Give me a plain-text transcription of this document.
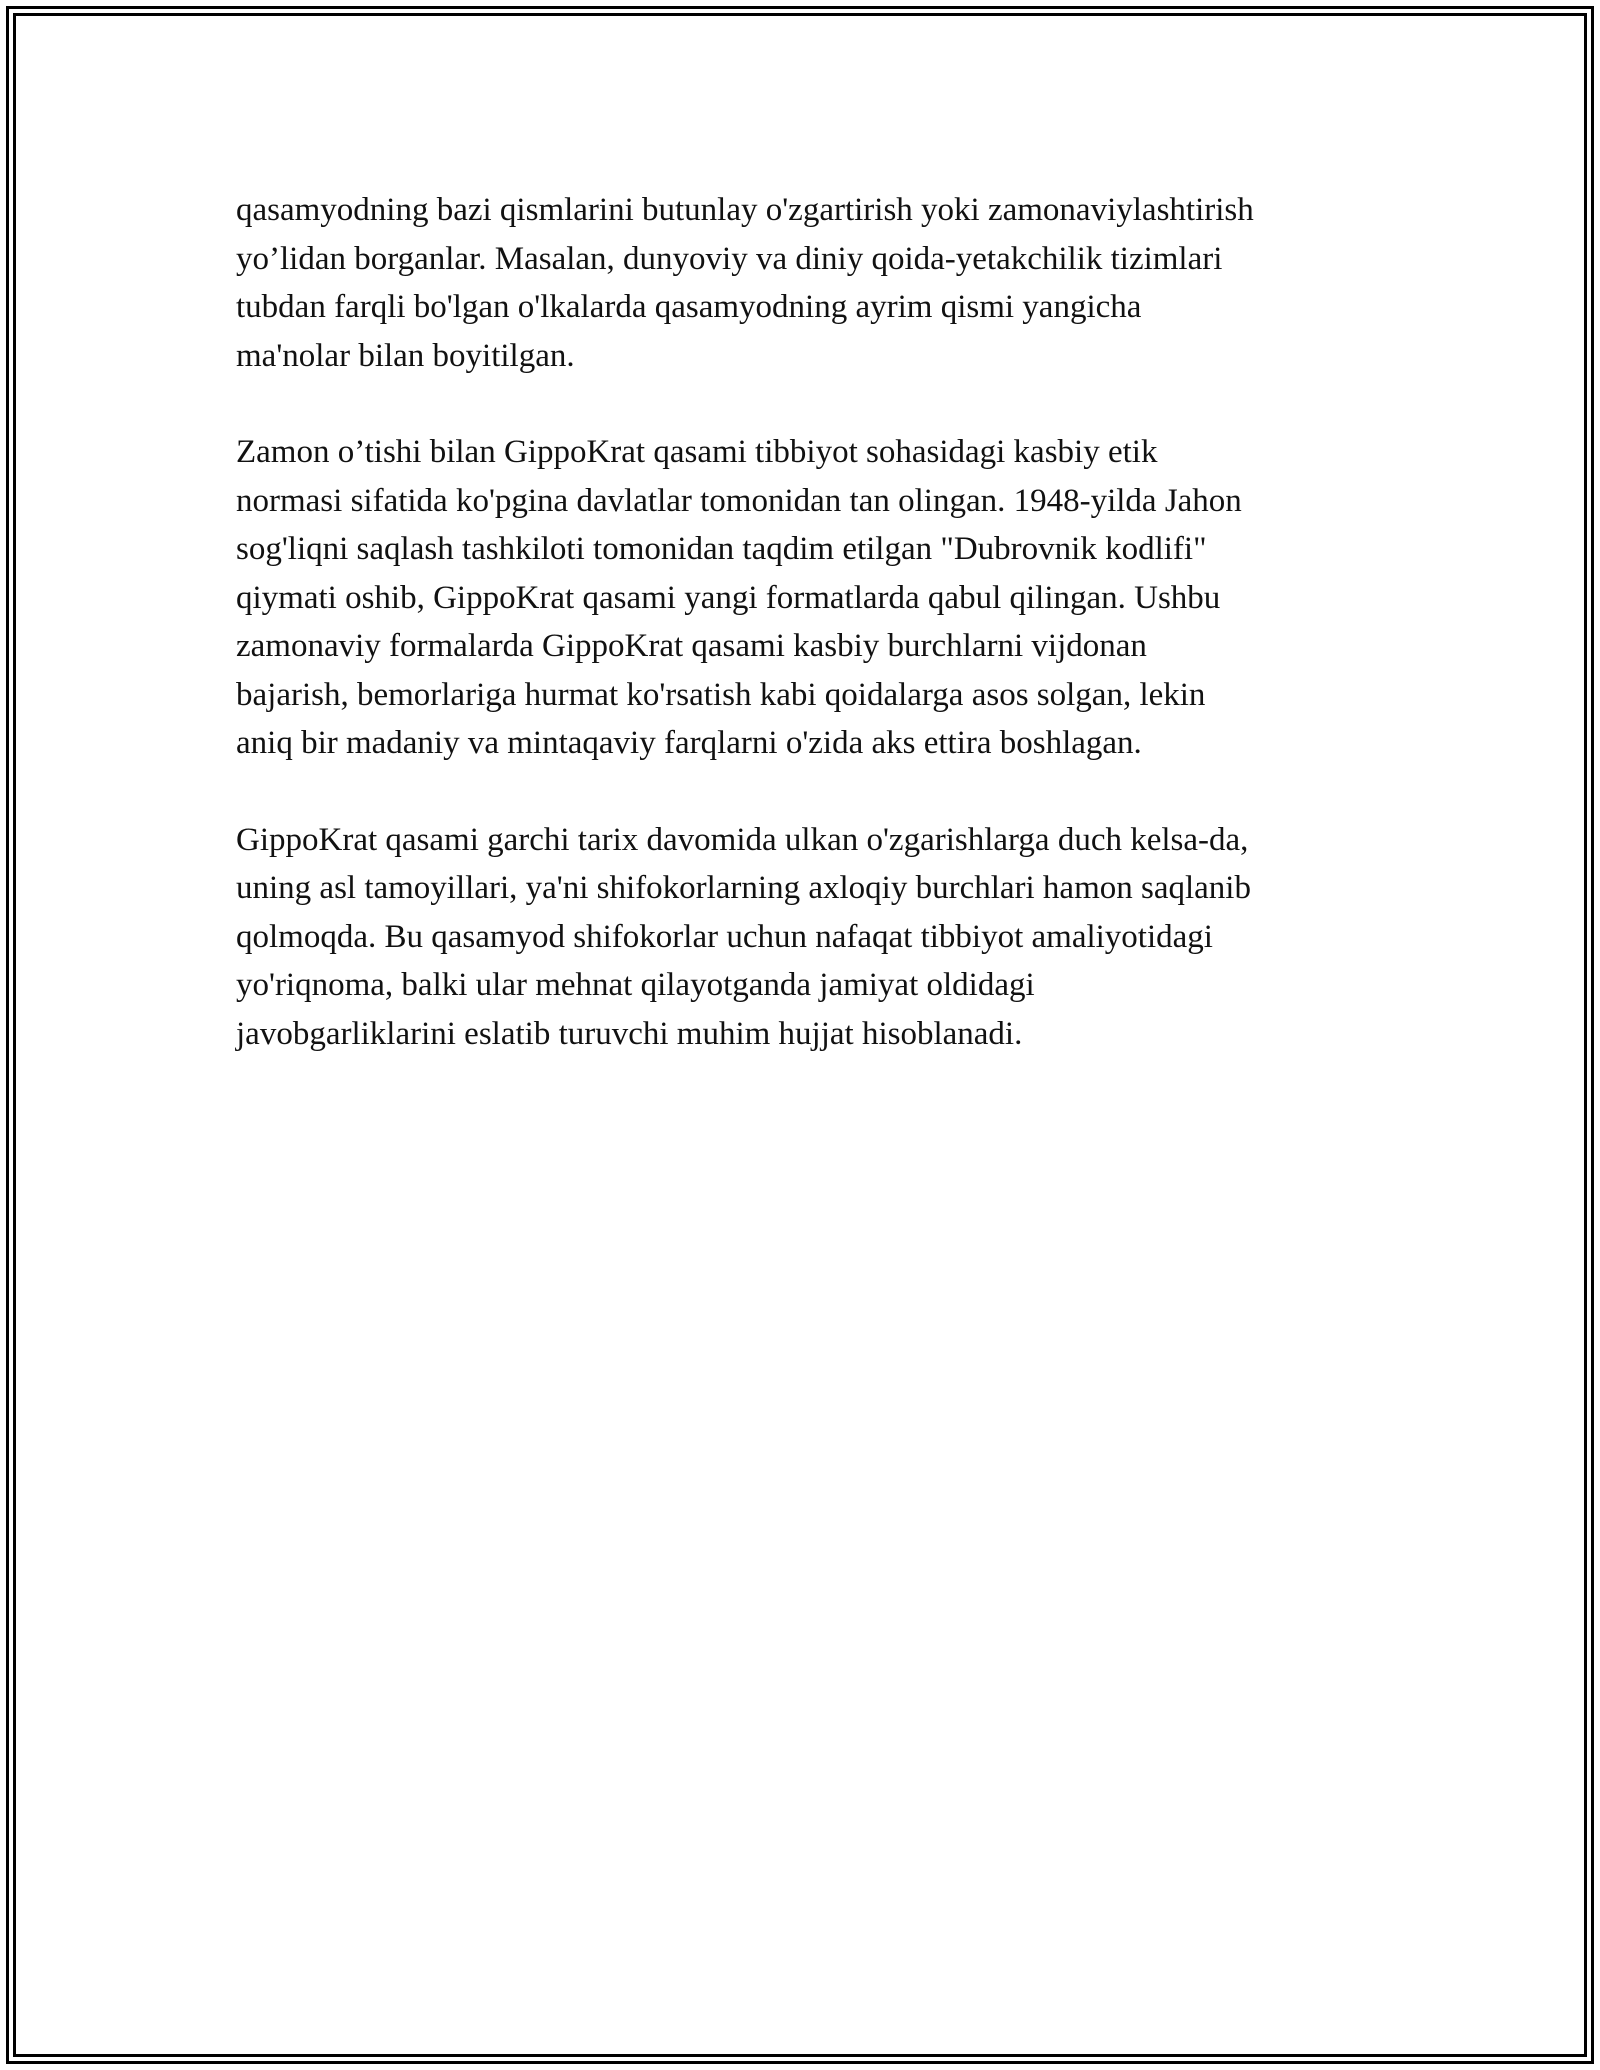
qasamyodning bazi qismlarini butunlay o'zgartirish yoki zamonaviylashtirish
yo’lidan borganlar. Masalan, dunyoviy va diniy qoida-yetakchilik tizimlari
tubdan farqli bo'lgan o'lkalarda qasamyodning ayrim qismi yangicha
ma'nolar bilan boyitilgan.

Zamon o’tishi bilan GippoKrat qasami tibbiyot sohasidagi kasbiy etik
normasi sifatida ko'pgina davlatlar tomonidan tan olingan. 1948-yilda Jahon
sog'liqni saqlash tashkiloti tomonidan taqdim etilgan "Dubrovnik kodlifi"
qiymati oshib, GippoKrat qasami yangi formatlarda qabul qilingan. Ushbu
zamonaviy formalarda GippoKrat qasami kasbiy burchlarni vijdonan
bajarish, bemorlariga hurmat ko'rsatish kabi qoidalarga asos solgan, lekin
aniq bir madaniy va mintaqaviy farqlarni o'zida aks ettira boshlagan.

GippoKrat qasami garchi tarix davomida ulkan o'zgarishlarga duch kelsa-da,
uning asl tamoyillari, ya'ni shifokorlarning axloqiy burchlari hamon saqlanib
qolmoqda. Bu qasamyod shifokorlar uchun nafaqat tibbiyot amaliyotidagi
yo'riqnoma, balki ular mehnat qilayotganda jamiyat oldidagi
javobgarliklarini eslatib turuvchi muhim hujjat hisoblanadi.
